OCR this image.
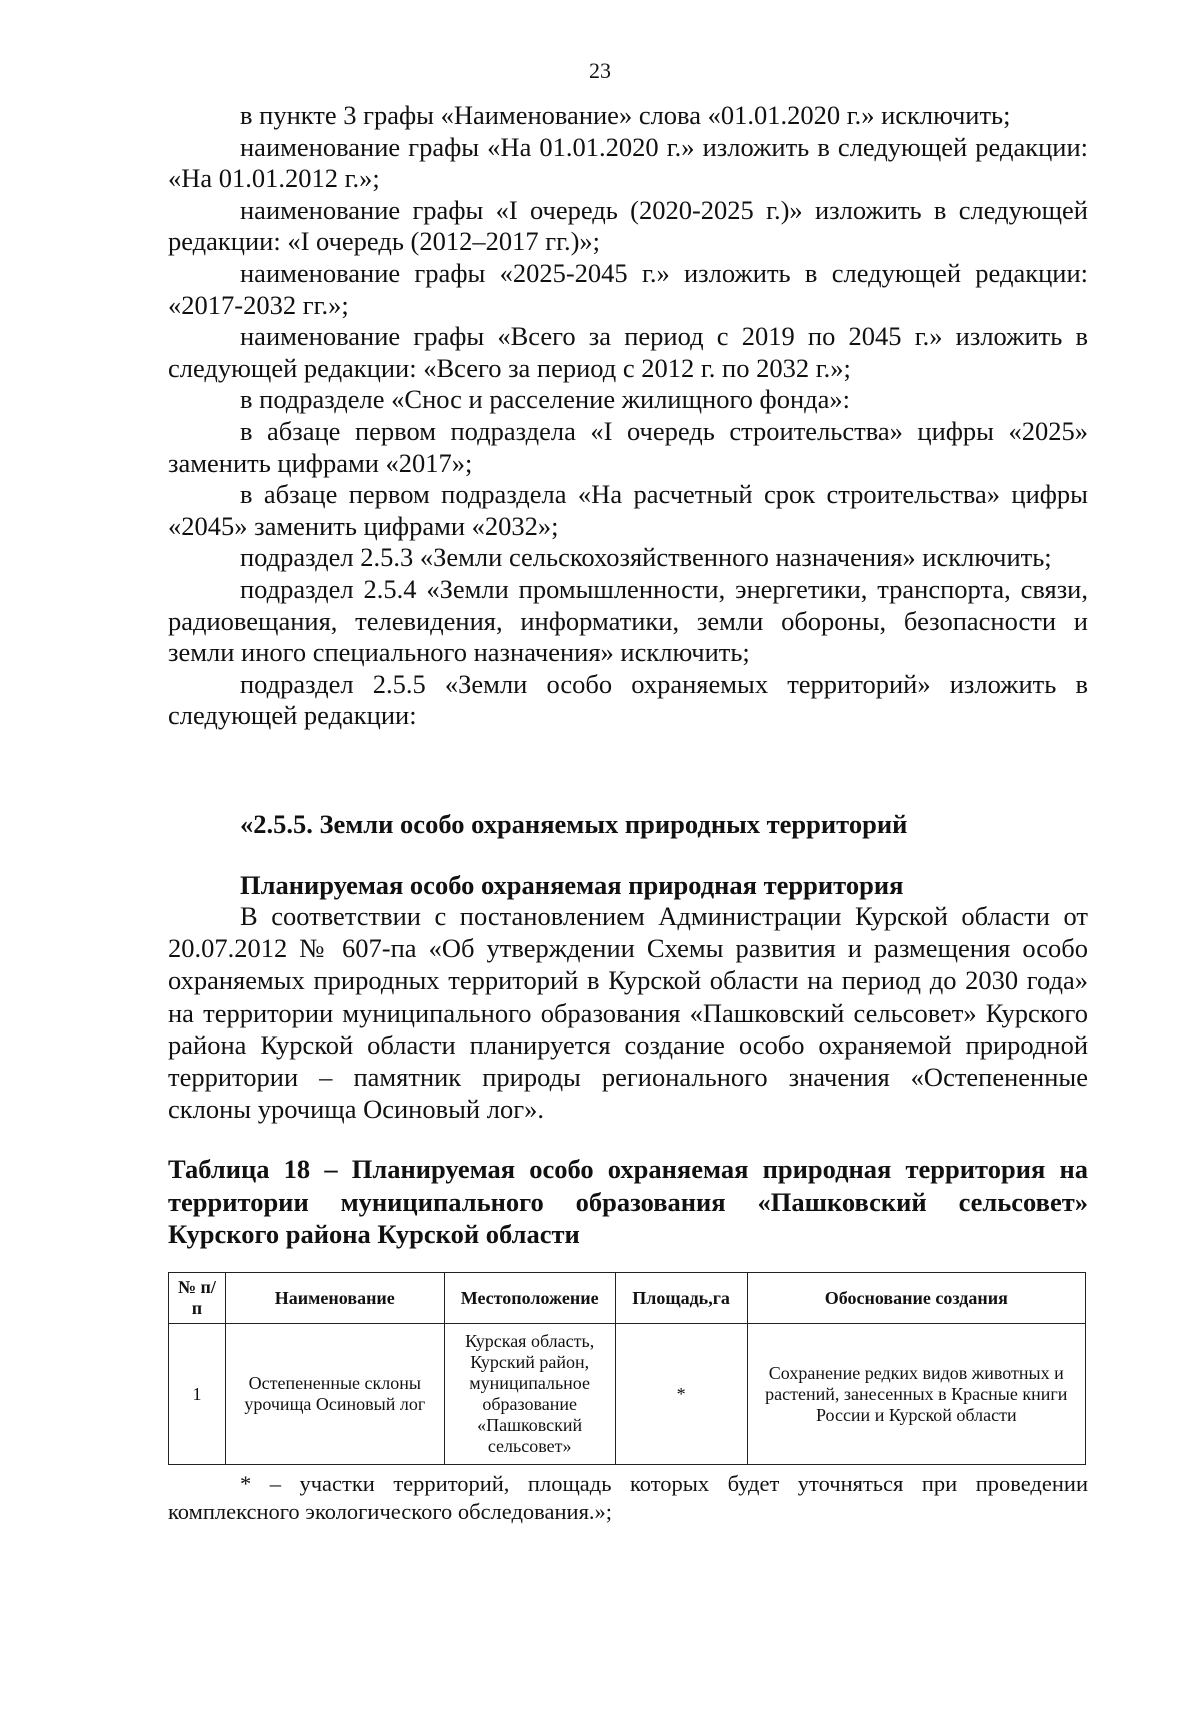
23

в пункте 3 графы «Наименование» слова «01.01.2020 г.» исключить;

наименование графы «На 01.01.2020 г.» изложить в следующей редакции: «На 01.01.2012 г.»;

наименование графы «I очередь (2020-2025 г.)» изложить в следующей редакции: «I очередь (2012–2017 гг.)»;

наименование графы «2025-2045 г.» изложить в следующей редакции: «2017-2032 гг.»;

наименование графы «Всего за период с 2019 по 2045 г.» изложить в следующей редакции: «Всего за период с 2012 г. по 2032 г.»;

в подразделе «Снос и расселение жилищного фонда»:

в абзаце первом подраздела «I очередь строительства» цифры «2025» заменить цифрами «2017»;

в абзаце первом подраздела «На расчетный срок строительства» цифры «2045» заменить цифрами «2032»;

подраздел 2.5.3 «Земли сельскохозяйственного назначения» исключить;

подраздел 2.5.4 «Земли промышленности, энергетики, транспорта, связи, радиовещания, телевидения, информатики, земли обороны, безопасности и земли иного специального назначения» исключить;

подраздел 2.5.5 «Земли особо охраняемых территорий» изложить в следующей редакции:

«2.5.5. Земли особо охраняемых природных территорий
Планируемая особо охраняемая природная территория

В соответствии с постановлением Администрации Курской области от 20.07.2012 № 607-па «Об утверждении Схемы развития и размещения особо охраняемых природных территорий в Курской области на период до 2030 года» на территории муниципального образования «Пашковский сельсовет» Курского района Курской области планируется создание особо охраняемой природной территории – памятник природы регионального значения «Остепененные склоны урочища Осиновый лог».

Таблица 18 – Планируемая особо охраняемая природная территория на территории муниципального образования «Пашковский сельсовет» Курского района Курской области
№ п/п	Наименование	Местоположение	Площадь,га	Обоснование создания
1	Остепененные склоны урочища Осиновый лог	Курская область, Курский район, муниципальное образование «Пашковский сельсовет»	*	Сохранение редких видов животных и растений, занесенных в Красные книги России и Курской области

* – участки территорий, площадь которых будет уточняться при проведении комплексного экологического обследования.»;
